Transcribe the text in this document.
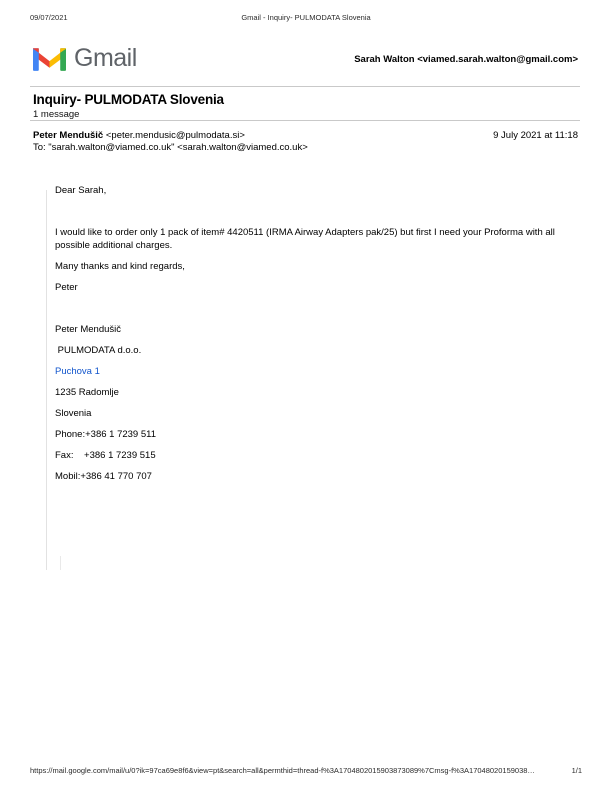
09/07/2021	Gmail - Inquiry- PULMODATA Slovenia
Gmail	Sarah Walton <viamed.sarah.walton@gmail.com>
Inquiry- PULMODATA Slovenia
1 message
Peter Mendušič <peter.mendusic@pulmodata.si>
To: "sarah.walton@viamed.co.uk" <sarah.walton@viamed.co.uk>
9 July 2021 at 11:18

Dear Sarah,

I would like to order only 1 pack of item# 4420511 (IRMA Airway Adapters pak/25) but first I need your Proforma with all possible additional charges.

Many thanks and kind regards,

Peter

Peter Mendušič

PULMODATA d.o.o.

Puchova 1

1235 Radomlje

Slovenia

Phone:+386 1 7239 511

Fax:    +386 1 7239 515

Mobil:+386 41 770 707

https://mail.google.com/mail/u/0?ik=97ca69e8f6&view=pt&search=all&permthid=thread-f%3A1704802015903873089%7Cmsg-f%3A17048020159038…	1/1
